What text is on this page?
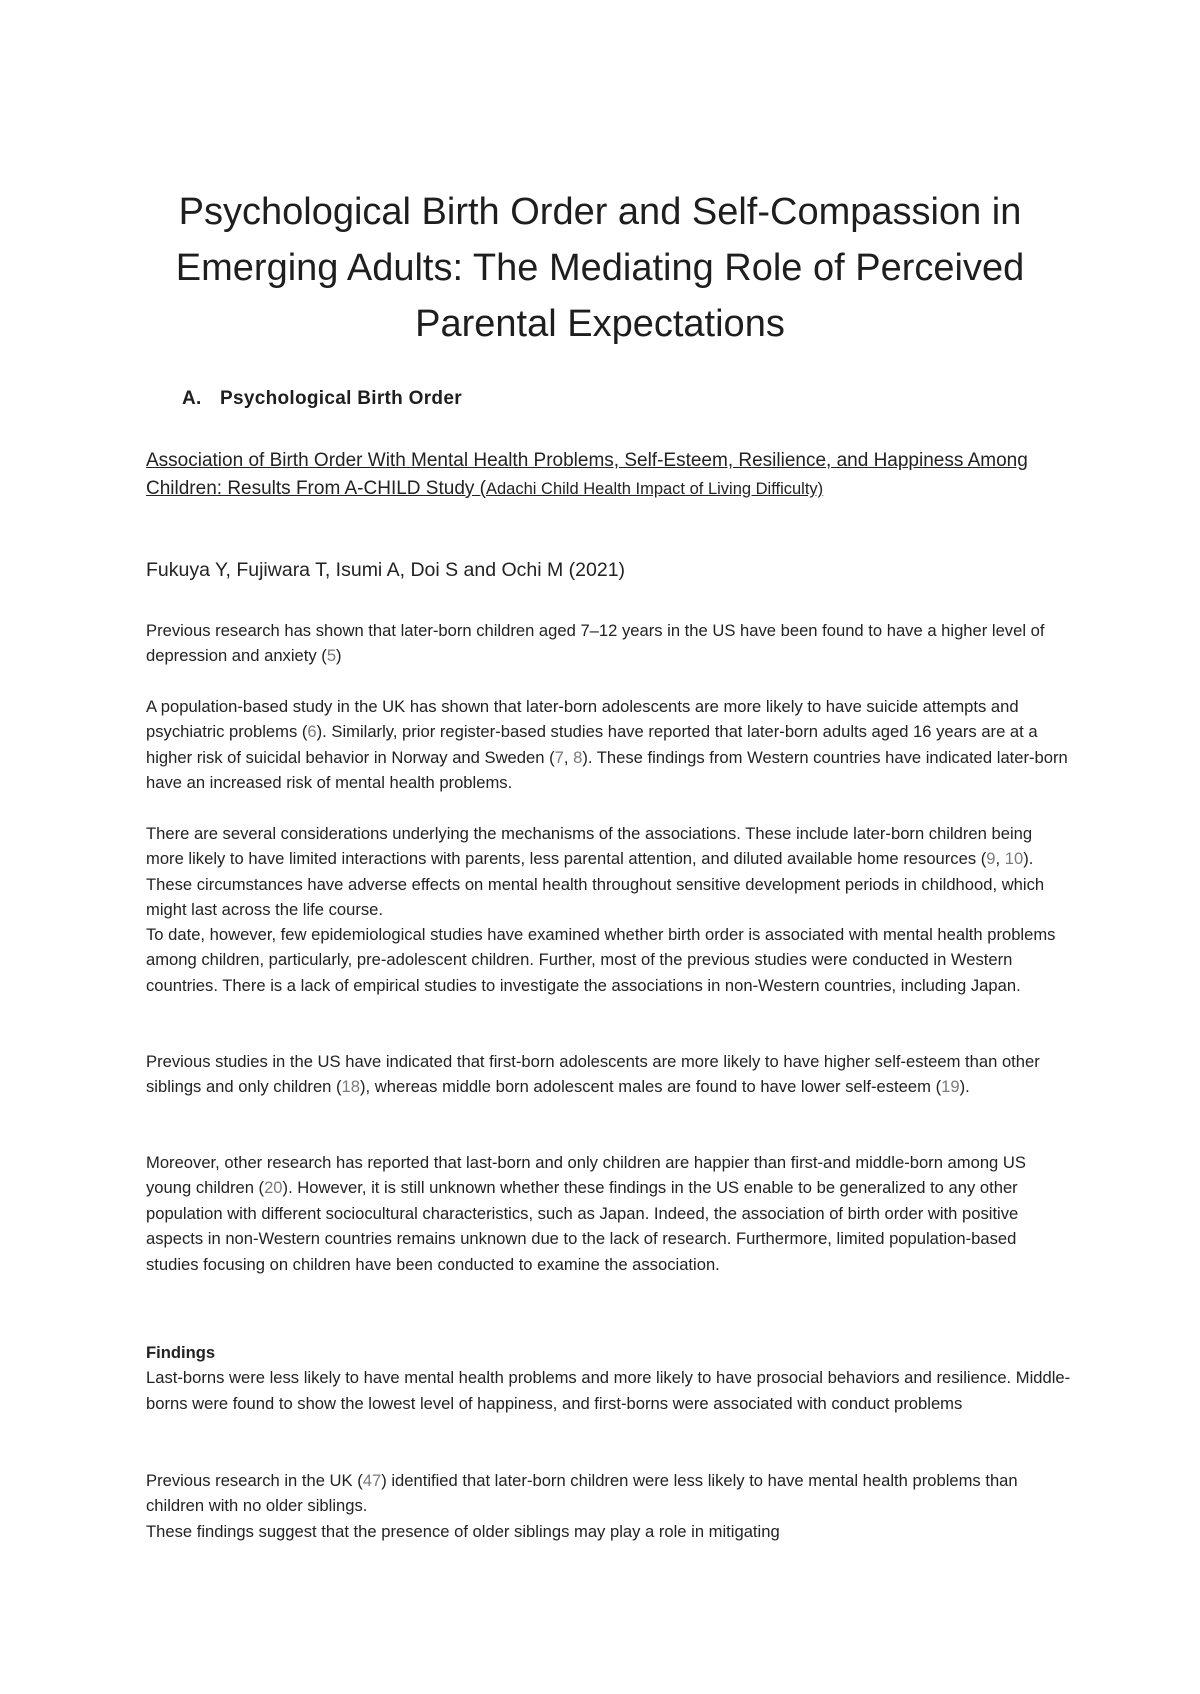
Psychological Birth Order and Self-Compassion in Emerging Adults: The Mediating Role of Perceived Parental Expectations
A. Psychological Birth Order

Association of Birth Order With Mental Health Problems, Self-Esteem, Resilience, and Happiness Among Children: Results From A-CHILD Study (Adachi Child Health Impact of Living Difficulty)

Fukuya Y, Fujiwara T, Isumi A, Doi S and Ochi M (2021)

Previous research has shown that later-born children aged 7–12 years in the US have been found to have a higher level of depression and anxiety (5)

A population-based study in the UK has shown that later-born adolescents are more likely to have suicide attempts and psychiatric problems (6). Similarly, prior register-based studies have reported that later-born adults aged 16 years are at a higher risk of suicidal behavior in Norway and Sweden (7, 8). These findings from Western countries have indicated later-born have an increased risk of mental health problems.

There are several considerations underlying the mechanisms of the associations. These include later-born children being more likely to have limited interactions with parents, less parental attention, and diluted available home resources (9, 10). These circumstances have adverse effects on mental health throughout sensitive development periods in childhood, which might last across the life course.

To date, however, few epidemiological studies have examined whether birth order is associated with mental health problems among children, particularly, pre-adolescent children. Further, most of the previous studies were conducted in Western countries. There is a lack of empirical studies to investigate the associations in non-Western countries, including Japan.

Previous studies in the US have indicated that first-born adolescents are more likely to have higher self-esteem than other siblings and only children (18), whereas middle born adolescent males are found to have lower self-esteem (19).

Moreover, other research has reported that last-born and only children are happier than first-and middle-born among US young children (20). However, it is still unknown whether these findings in the US enable to be generalized to any other population with different sociocultural characteristics, such as Japan. Indeed, the association of birth order with positive aspects in non-Western countries remains unknown due to the lack of research. Furthermore, limited population-based studies focusing on children have been conducted to examine the association.

Findings
Last-borns were less likely to have mental health problems and more likely to have prosocial behaviors and resilience. Middle-borns were found to show the lowest level of happiness, and first-borns were associated with conduct problems

Previous research in the UK (47) identified that later-born children were less likely to have mental health problems than children with no older siblings.

These findings suggest that the presence of older siblings may play a role in mitigating
